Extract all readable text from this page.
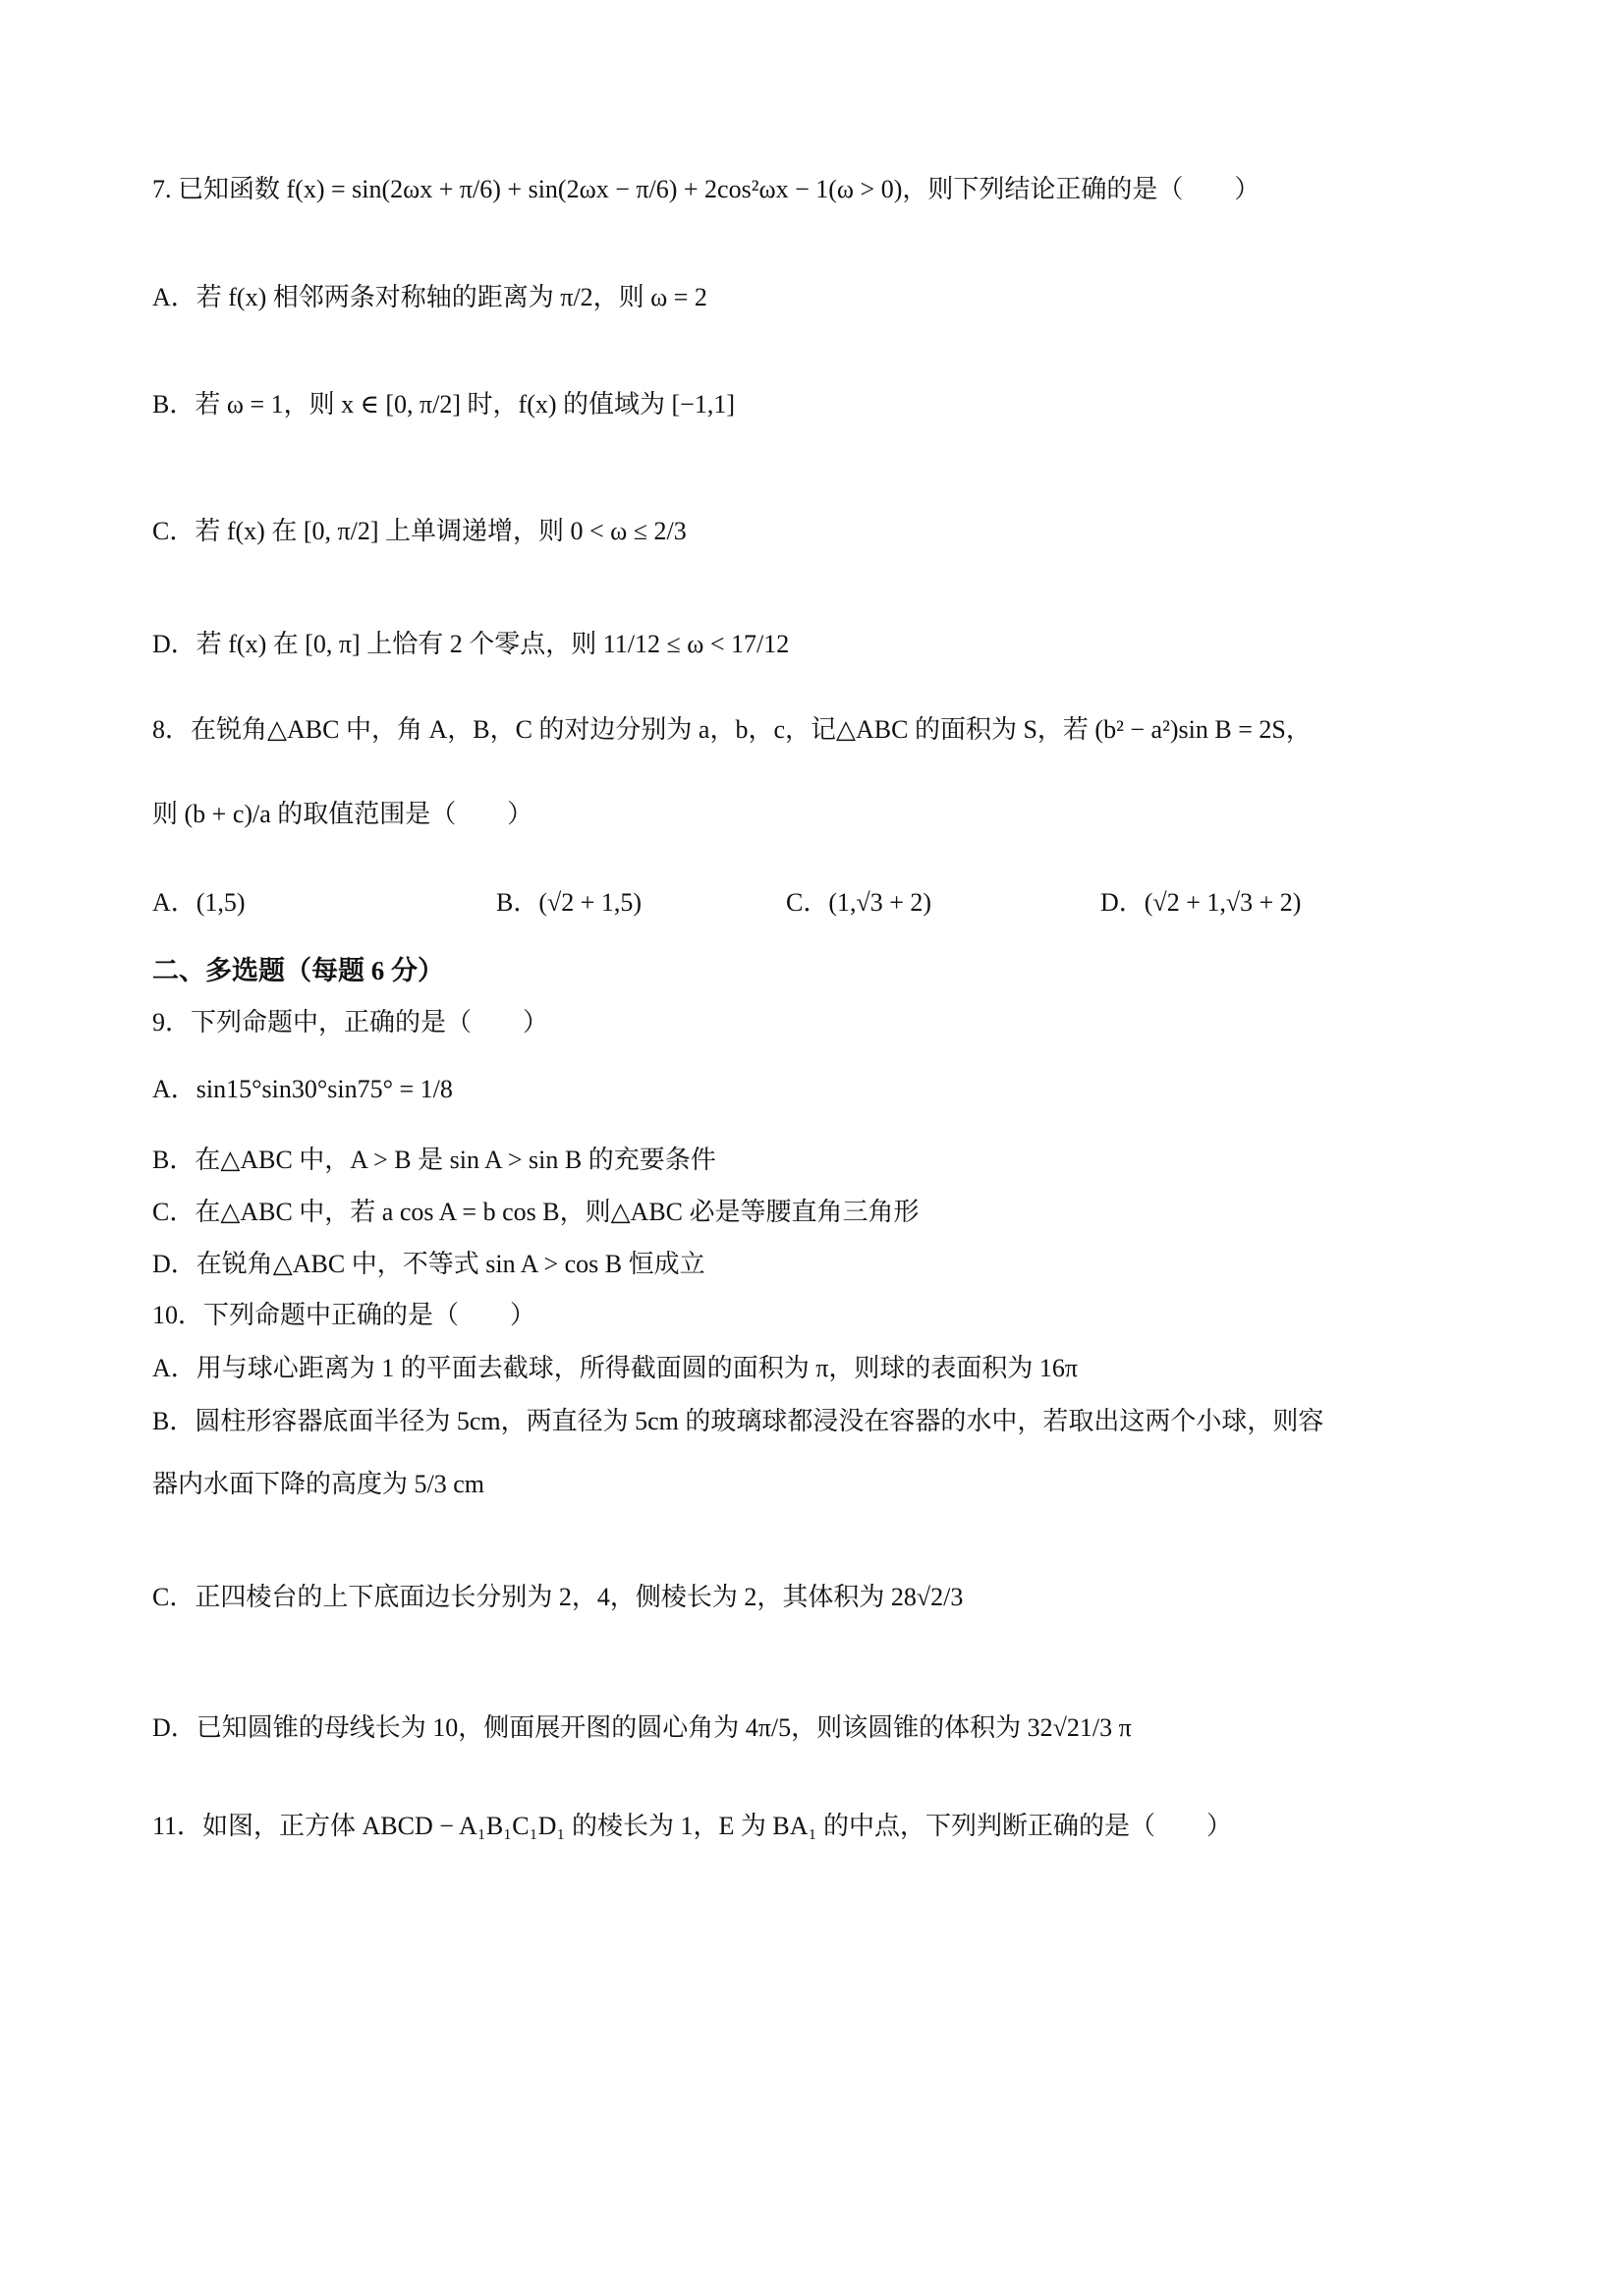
7. 已知函数 f(x) = sin(2ωx + π/6) + sin(2ωx − π/6) + 2cos²ωx − 1(ω > 0)，则下列结论正确的是（　　）
A．若 f(x) 相邻两条对称轴的距离为 π/2，则 ω = 2
B．若 ω = 1，则 x ∈ [0, π/2] 时，f(x) 的值域为 [−1,1]
C．若 f(x) 在 [0, π/2] 上单调递增，则 0 < ω ≤ 2/3
D．若 f(x) 在 [0, π] 上恰有 2 个零点，则 11/12 ≤ ω < 17/12
8．在锐角△ABC 中，角 A，B，C 的对边分别为 a，b，c，记△ABC 的面积为 S，若 (b² − a²)sin B = 2S，
则 (b + c)/a 的取值范围是（　　）
A．(1,5)	B．(√2 + 1,5)	C．(1,√3 + 2)	D．(√2 + 1,√3 + 2)
二、多选题（每题 6 分）
9．下列命题中，正确的是（　　）
A．sin15°sin30°sin75° = 1/8
B．在△ABC 中，A > B 是 sin A > sin B 的充要条件
C．在△ABC 中，若 a cos A = b cos B，则△ABC 必是等腰直角三角形
D．在锐角△ABC 中，不等式 sin A > cos B 恒成立
10．下列命题中正确的是（　　）
A．用与球心距离为 1 的平面去截球，所得截面圆的面积为 π，则球的表面积为 16π
B．圆柱形容器底面半径为 5cm，两直径为 5cm 的玻璃球都浸没在容器的水中，若取出这两个小球，则容
器内水面下降的高度为 5/3 cm
C．正四棱台的上下底面边长分别为 2，4，侧棱长为 2，其体积为 28√2/3
D．已知圆锥的母线长为 10，侧面展开图的圆心角为 4π/5，则该圆锥的体积为 32√21/3 π
11．如图，正方体 ABCD − A₁B₁C₁D₁ 的棱长为 1，E 为 BA₁ 的中点，下列判断正确的是（　　）
